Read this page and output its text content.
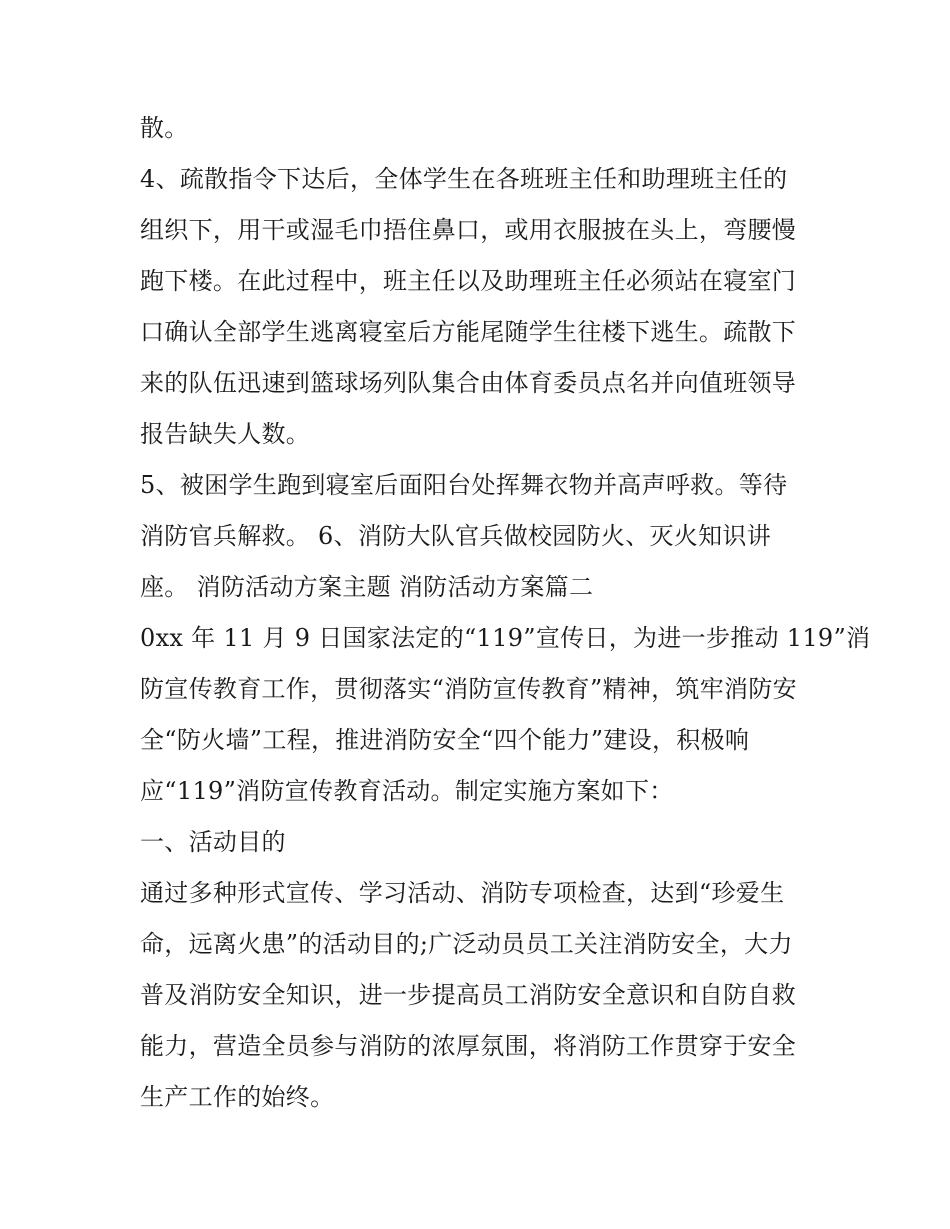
散。
4、疏散指令下达后，全体学生在各班班主任和助理班主任的
组织下，用干或湿毛巾捂住鼻口，或用衣服披在头上，弯腰慢
跑下楼。在此过程中，班主任以及助理班主任必须站在寝室门
口确认全部学生逃离寝室后方能尾随学生往楼下逃生。疏散下
来的队伍迅速到篮球场列队集合由体育委员点名并向值班领导
报告缺失人数。
5、被困学生跑到寝室后面阳台处挥舞衣物并高声呼救。等待
消防官兵解救。 6、消防大队官兵做校园防火、灭火知识讲
座。 消防活动方案主题 消防活动方案篇二
0xx 年 11 月 9 日国家法定的“119”宣传日，为进一步推动 119”消
防宣传教育工作，贯彻落实“消防宣传教育”精神，筑牢消防安
全“防火墙”工程，推进消防安全“四个能力”建设，积极响
应“119”消防宣传教育活动。制定实施方案如下：
一、活动目的
通过多种形式宣传、学习活动、消防专项检查，达到“珍爱生
命，远离火患”的活动目的;广泛动员员工关注消防安全，大力
普及消防安全知识，进一步提高员工消防安全意识和自防自救
能力，营造全员参与消防的浓厚氛围，将消防工作贯穿于安全
生产工作的始终。
